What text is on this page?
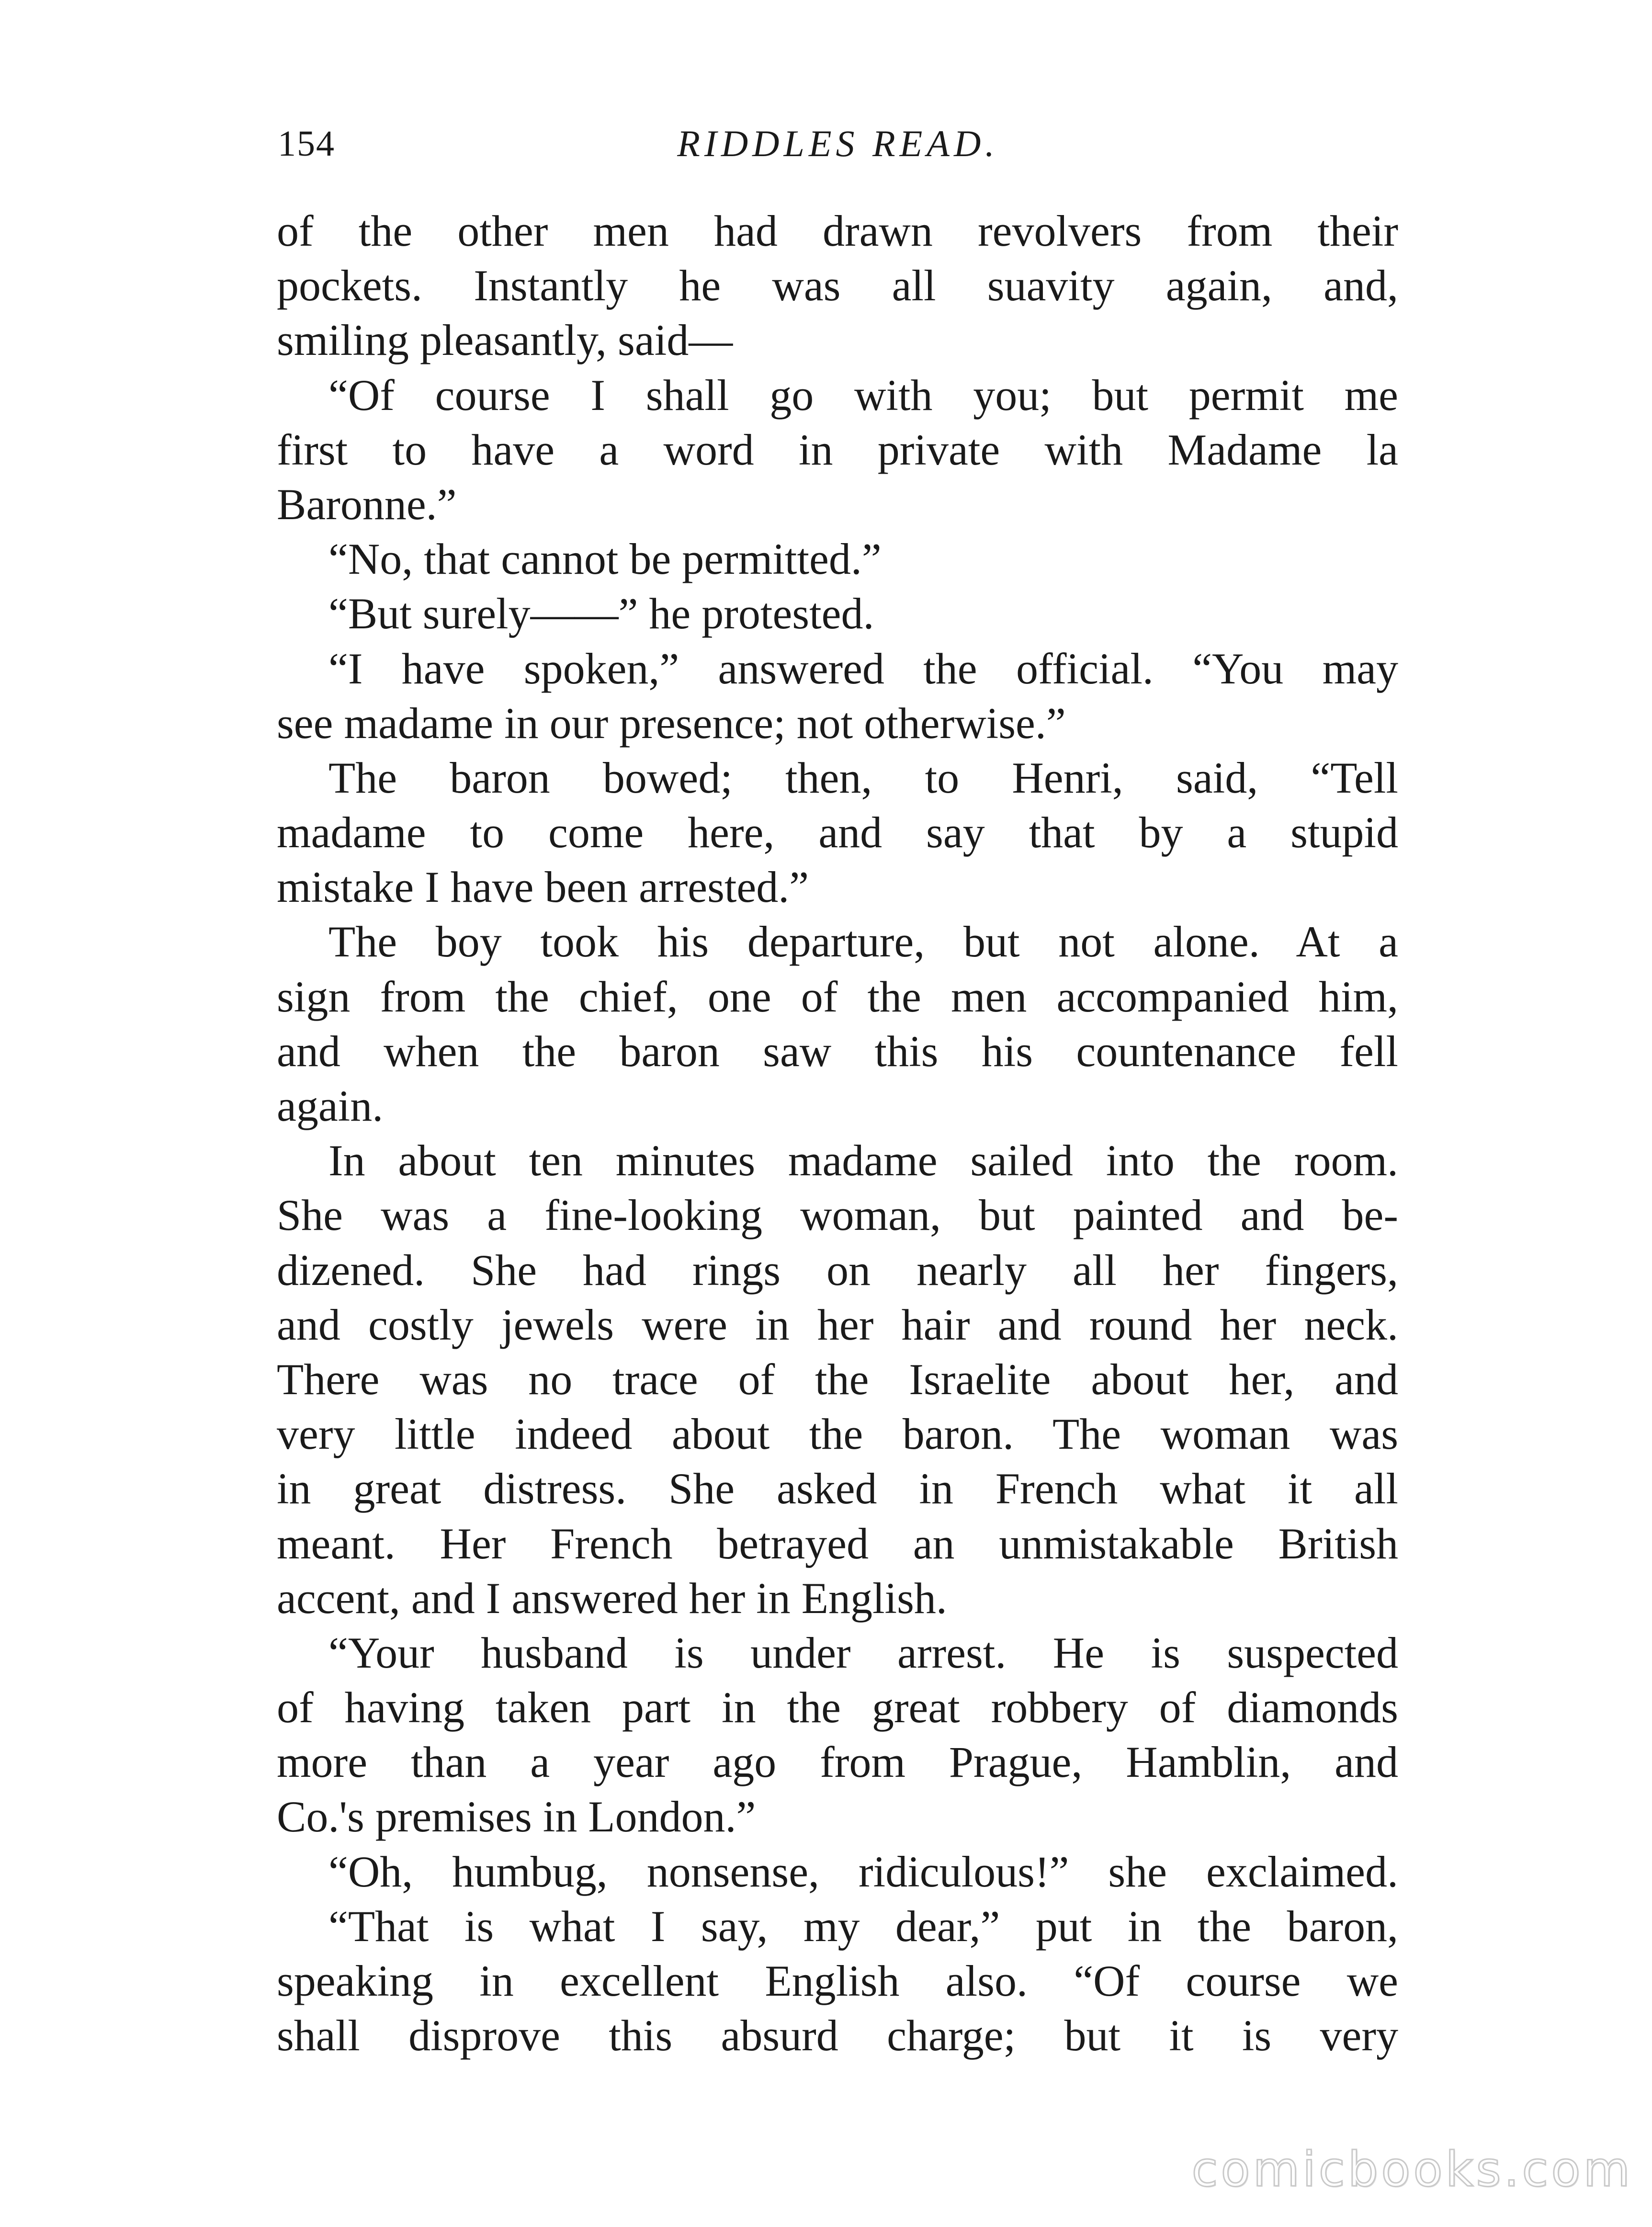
154	RIDDLES READ.
of the other men had drawn revolvers from their
pockets. Instantly he was all suavity again, and,
smiling pleasantly, said—
“Of course I shall go with you; but permit me
first to have a word in private with Madame la
Baronne.”
“No, that cannot be permitted.”
“But surely——” he protested.
“I have spoken,” answered the official. “You may
see madame in our presence; not otherwise.”
The baron bowed; then, to Henri, said, “Tell
madame to come here, and say that by a stupid
mistake I have been arrested.”
The boy took his departure, but not alone. At a
sign from the chief, one of the men accompanied him,
and when the baron saw this his countenance fell
again.
In about ten minutes madame sailed into the room.
She was a fine-looking woman, but painted and be-
dizened. She had rings on nearly all her fingers,
and costly jewels were in her hair and round her neck.
There was no trace of the Israelite about her, and
very little indeed about the baron. The woman was
in great distress. She asked in French what it all
meant. Her French betrayed an unmistakable British
accent, and I answered her in English.
“Your husband is under arrest. He is suspected
of having taken part in the great robbery of diamonds
more than a year ago from Prague, Hamblin, and
Co.'s premises in London.”
“Oh, humbug, nonsense, ridiculous!” she exclaimed.
“That is what I say, my dear,” put in the baron,
speaking in excellent English also. “Of course we
shall disprove this absurd charge; but it is very
comicbooks.com
